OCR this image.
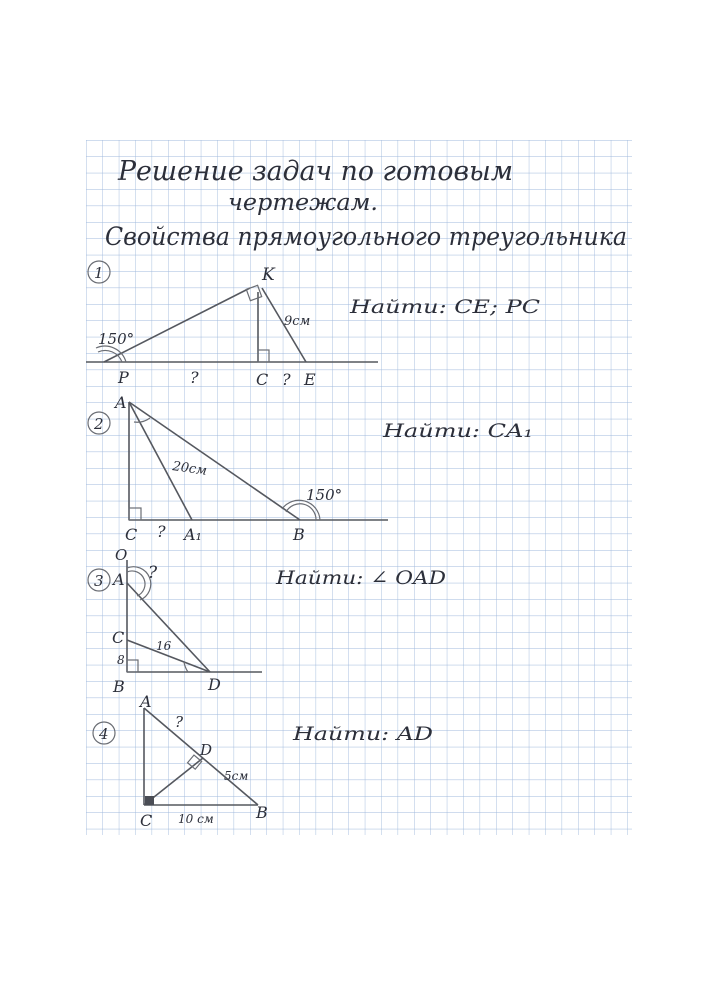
Решение задач по готовым
чертежам.
Свойства прямоугольного треугольника
1	K
9см
150°
P	?	C ? E
Найти: CE; PC
2
A
20см
150°
C ? A₁	B
Найти: CA₁
3
O
A ?
C	16
8
B	D
Найти: ∠ OAD
4
A
?
D
5см
C 10 см	B
Найти: AD
